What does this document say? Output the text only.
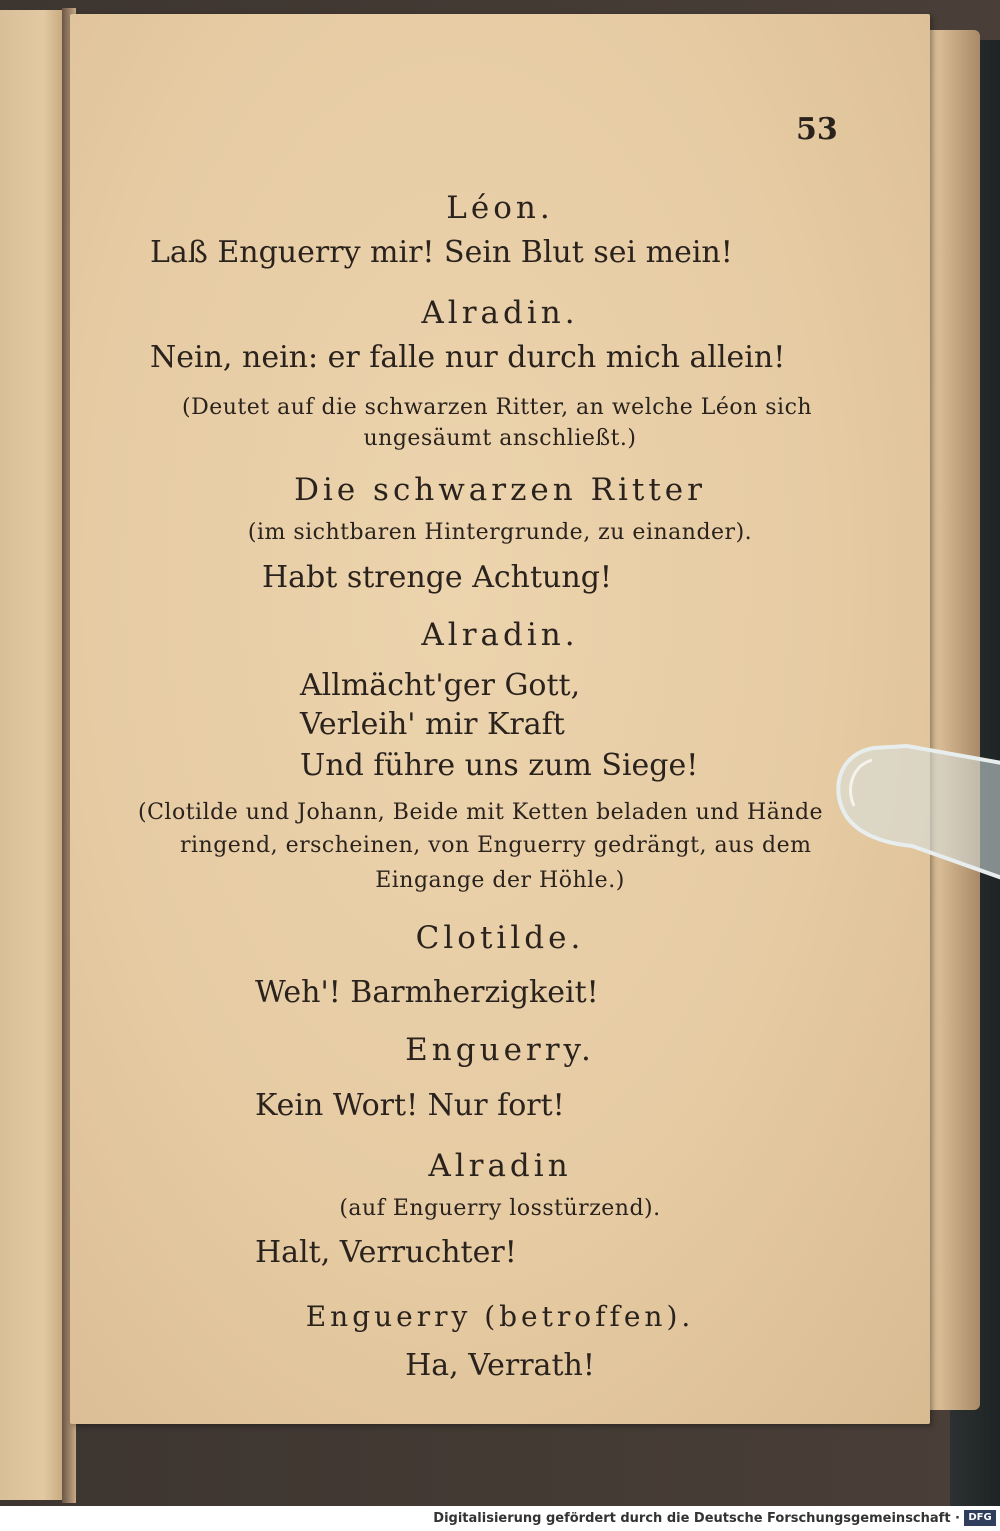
53
Léon.
Laß Enguerry mir! Sein Blut sei mein!
Alradin.
Nein, nein: er falle nur durch mich allein!
(Deutet auf die schwarzen Ritter, an welche Léon sich
ungesäumt anschließt.)
Die schwarzen Ritter
(im sichtbaren Hintergrunde, zu einander).
Habt strenge Achtung!
Alradin.
Allmächt'ger Gott,
Verleih' mir Kraft
Und führe uns zum Siege!
(Clotilde und Johann, Beide mit Ketten beladen und Hände
ringend, erscheinen, von Enguerry gedrängt, aus dem
Eingange der Höhle.)
Clotilde.
Weh'! Barmherzigkeit!
Enguerry.
Kein Wort! Nur fort!
Alradin
(auf Enguerry losstürzend).
Halt, Verruchter!
Enguerry (betroffen).
Ha, Verrath!
Digitalisierung gefördert durch die Deutsche Forschungsgemeinschaft · DFG
